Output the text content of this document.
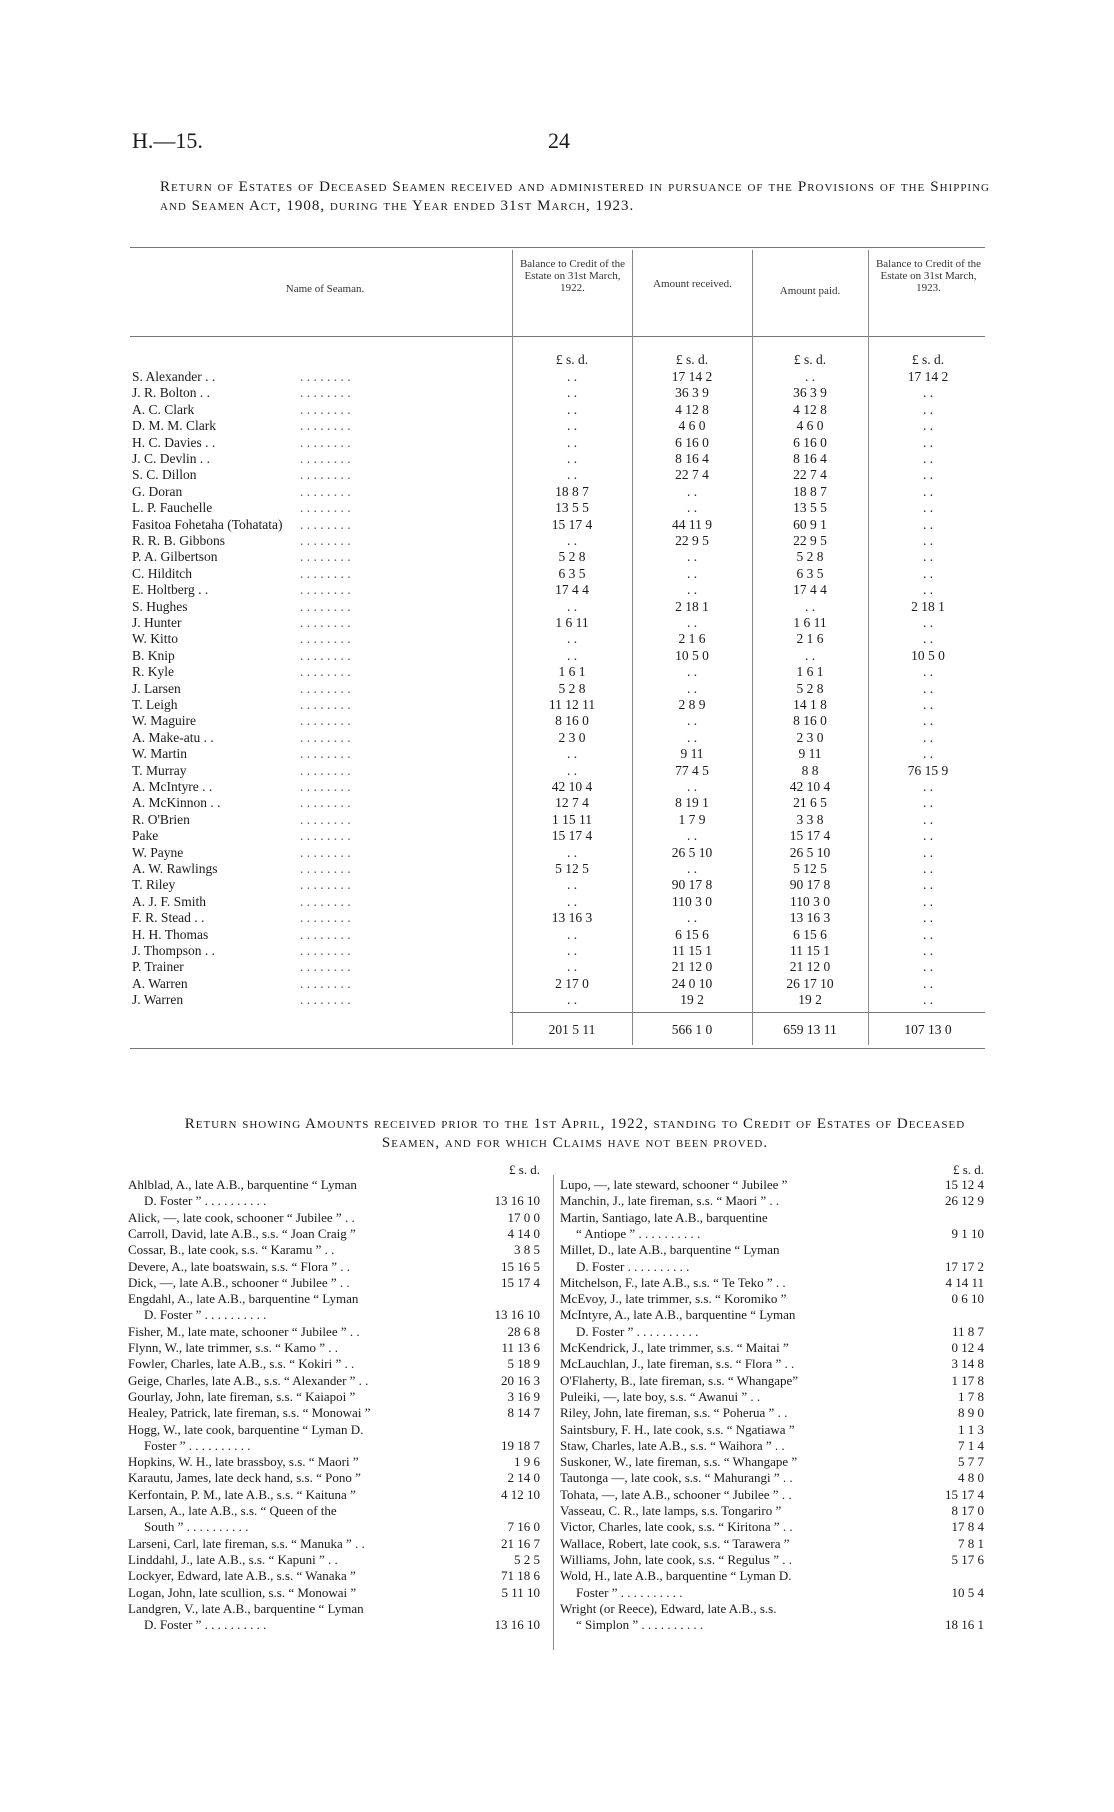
H.—15.	24
Return of Estates of Deceased Seamen received and administered in pursuance of the Provisions of the Shipping and Seamen Act, 1908, during the Year ended 31st March, 1923.
Name of Seaman.
Balance to Credit of the Estate on 31st March, 1922.	Amount received.
Amount paid.
Balance to Credit of the Estate on 31st March, 1923.
£ s. d.	£ s. d.	£ s. d.	£ s. d.
S. Alexander . .	. .	17 14 2	. .	17 14 2
. . . . . . . .
J. R. Bolton . .	. .	36 3 9	36 3 9	. .
. . . . . . . .
A. C. Clark	. .	4 12 8	4 12 8	. .
. . . . . . . .
D. M. M. Clark	. .	4 6 0	4 6 0	. .
. . . . . . . .
H. C. Davies . .	. .	6 16 0	6 16 0	. .
. . . . . . . .
J. C. Devlin . .	. .	8 16 4	8 16 4	. .
. . . . . . . .
S. C. Dillon	. .	22 7 4	22 7 4	. .
. . . . . . . .
G. Doran	18 8 7	. .	18 8 7	. .
. . . . . . . .
L. P. Fauchelle	13 5 5	. .	13 5 5	. .
. . . . . . . .
Fasitoa Fohetaha (Tohatata)	15 17 4	44 11 9	60 9 1	. .
. . . . . . . .
R. R. B. Gibbons	. .	22 9 5	22 9 5	. .
. . . . . . . .
P. A. Gilbertson	5 2 8	. .	5 2 8	. .
. . . . . . . .
C. Hilditch	6 3 5	. .	6 3 5	. .
. . . . . . . .
E. Holtberg . .	17 4 4	. .	17 4 4	. .
. . . . . . . .
S. Hughes	. .	2 18 1	. .	2 18 1
. . . . . . . .
J. Hunter	1 6 11	. .	1 6 11	. .
. . . . . . . .
W. Kitto	. .	2 1 6	2 1 6	. .
. . . . . . . .
B. Knip	. .	10 5 0	. .	10 5 0
. . . . . . . .
R. Kyle	1 6 1	. .	1 6 1	. .
. . . . . . . .
J. Larsen	5 2 8	. .	5 2 8	. .
. . . . . . . .
T. Leigh	11 12 11	2 8 9	14 1 8	. .
. . . . . . . .
W. Maguire	8 16 0	. .	8 16 0	. .
. . . . . . . .
A. Make-atu . .	2 3 0	. .	2 3 0	. .
. . . . . . . .
W. Martin	. .	9 11	9 11	. .
. . . . . . . .
T. Murray	. .	77 4 5	8 8	76 15 9
. . . . . . . .
A. McIntyre . .	42 10 4	. .	42 10 4	. .
. . . . . . . .
A. McKinnon . .	12 7 4	8 19 1	21 6 5	. .
. . . . . . . .
R. O'Brien	1 15 11	1 7 9	3 3 8	. .
. . . . . . . .
Pake	15 17 4	. .	15 17 4	. .
. . . . . . . .
W. Payne	. .	26 5 10	26 5 10	. .
. . . . . . . .
A. W. Rawlings	5 12 5	. .	5 12 5	. .
. . . . . . . .
T. Riley	. .	90 17 8	90 17 8	. .
. . . . . . . .
A. J. F. Smith	. .	110 3 0	110 3 0	. .
. . . . . . . .
F. R. Stead . .	13 16 3	. .	13 16 3	. .
. . . . . . . .
H. H. Thomas	. .	6 15 6	6 15 6	. .
. . . . . . . .
J. Thompson . .	. .	11 15 1	11 15 1	. .
. . . . . . . .
P. Trainer	. .	21 12 0	21 12 0	. .
. . . . . . . .
A. Warren	2 17 0	24 0 10	26 17 10	. .
. . . . . . . .
J. Warren	. .	19 2	19 2	. .
. . . . . . . .
201 5 11	566 1 0	659 13 11	107 13 0
Return showing Amounts received prior to the 1st April, 1922, standing to Credit of Estates of Deceased Seamen, and for which Claims have not been proved.
£ s. d.	£ s. d.
Ahlblad, A., late A.B., barquentine “ Lyman
D. Foster ” . . . . . . . . . .	13 16 10
Alick, —, late cook, schooner “ Jubilee ” . .	17 0 0
Carroll, David, late A.B., s.s. “ Joan Craig ”	4 14 0
Cossar, B., late cook, s.s. “ Karamu ” . .	3 8 5
Devere, A., late boatswain, s.s. “ Flora ” . .	15 16 5
Dick, —, late A.B., schooner “ Jubilee ” . .	15 17 4
Engdahl, A., late A.B., barquentine “ Lyman
D. Foster ” . . . . . . . . . .	13 16 10
Fisher, M., late mate, schooner “ Jubilee ” . .	28 6 8
Flynn, W., late trimmer, s.s. “ Kamo ” . .	11 13 6
Fowler, Charles, late A.B., s.s. “ Kokiri ” . .	5 18 9
Geige, Charles, late A.B., s.s. “ Alexander ” . .	20 16 3
Gourlay, John, late fireman, s.s. “ Kaiapoi ”	3 16 9
Healey, Patrick, late fireman, s.s. “ Monowai ”	8 14 7
Hogg, W., late cook, barquentine “ Lyman D.
Foster ” . . . . . . . . . .	19 18 7
Hopkins, W. H., late brassboy, s.s. “ Maori ”	1 9 6
Karautu, James, late deck hand, s.s. “ Pono ”	2 14 0
Kerfontain, P. M., late A.B., s.s. “ Kaituna ”	4 12 10
Larsen, A., late A.B., s.s. “ Queen of the
South ” . . . . . . . . . .	7 16 0
Larseni, Carl, late fireman, s.s. “ Manuka ” . .	21 16 7
Linddahl, J., late A.B., s.s. “ Kapuni ” . .	5 2 5
Lockyer, Edward, late A.B., s.s. “ Wanaka ”	71 18 6
Logan, John, late scullion, s.s. “ Monowai ”	5 11 10
Landgren, V., late A.B., barquentine “ Lyman
D. Foster ” . . . . . . . . . .	13 16 10
Lupo, —, late steward, schooner “ Jubilee ”	15 12 4
Manchin, J., late fireman, s.s. “ Maori ” . .	26 12 9
Martin, Santiago, late A.B., barquentine
“ Antiope ” . . . . . . . . . .	9 1 10
Millet, D., late A.B., barquentine “ Lyman
D. Foster . . . . . . . . . .	17 17 2
Mitchelson, F., late A.B., s.s. “ Te Teko ” . .	4 14 11
McEvoy, J., late trimmer, s.s. “ Koromiko ”	0 6 10
McIntyre, A., late A.B., barquentine “ Lyman
D. Foster ” . . . . . . . . . .	11 8 7
McKendrick, J., late trimmer, s.s. “ Maitai ”	0 12 4
McLauchlan, J., late fireman, s.s. “ Flora ” . .	3 14 8
O'Flaherty, B., late fireman, s.s. “ Whangape”	1 17 8
Puleiki, —, late boy, s.s. “ Awanui ” . .	1 7 8
Riley, John, late fireman, s.s. “ Poherua ” . .	8 9 0
Saintsbury, F. H., late cook, s.s. “ Ngatiawa ”	1 1 3
Staw, Charles, late A.B., s.s. “ Waihora ” . .	7 1 4
Suskoner, W., late fireman, s.s. “ Whangape ”	5 7 7
Tautonga —, late cook, s.s. “ Mahurangi ” . .	4 8 0
Tohata, —, late A.B., schooner “ Jubilee ” . .	15 17 4
Vasseau, C. R., late lamps, s.s. Tongariro ”	8 17 0
Victor, Charles, late cook, s.s. “ Kiritona ” . .	17 8 4
Wallace, Robert, late cook, s.s. “ Tarawera ”	7 8 1
Williams, John, late cook, s.s. “ Regulus ” . .	5 17 6
Wold, H., late A.B., barquentine “ Lyman D.
Foster ” . . . . . . . . . .	10 5 4
Wright (or Reece), Edward, late A.B., s.s.
“ Simplon ” . . . . . . . . . .	18 16 1
